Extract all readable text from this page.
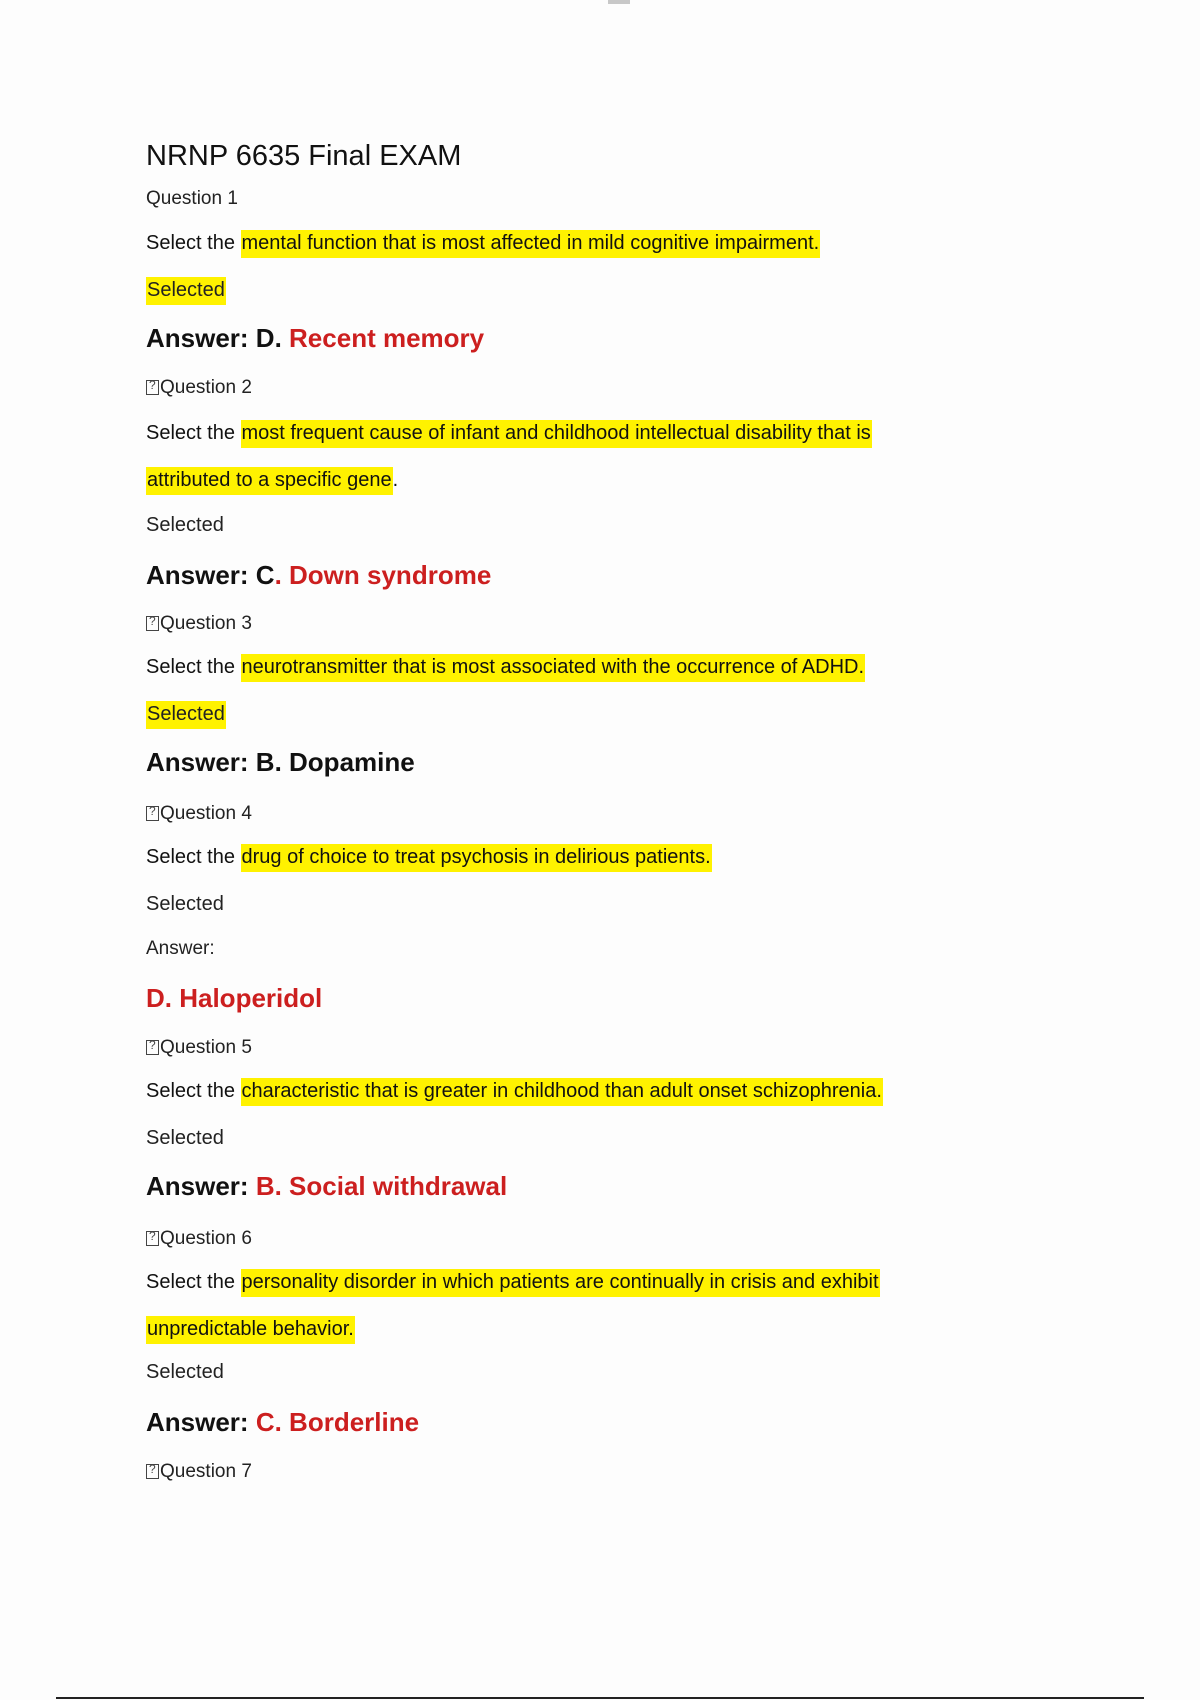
NRNP 6635 Final EXAM
Question 1
Select the mental function that is most affected in mild cognitive impairment.
Selected
Answer: D. Recent memory
?Question 2
Select the most frequent cause of infant and childhood intellectual disability that is
attributed to a specific gene.
Selected
Answer: C. Down syndrome
?Question 3
Select the neurotransmitter that is most associated with the occurrence of ADHD.
Selected
Answer: B. Dopamine
?Question 4
Select the drug of choice to treat psychosis in delirious patients.
Selected
Answer:
D. Haloperidol
?Question 5
Select the characteristic that is greater in childhood than adult onset schizophrenia.
Selected
Answer: B. Social withdrawal
?Question 6
Select the personality disorder in which patients are continually in crisis and exhibit
unpredictable behavior.
Selected
Answer: C. Borderline
?Question 7
